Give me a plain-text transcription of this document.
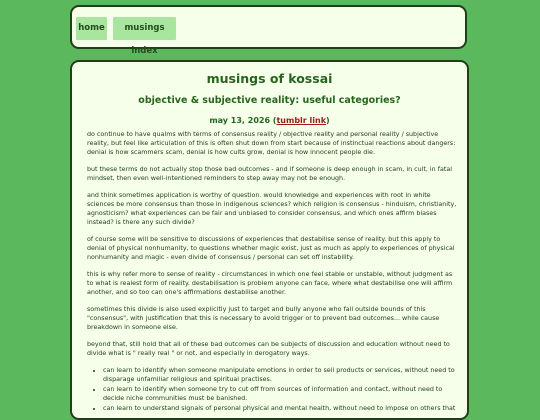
home	musings index
musings of kossai
objective & subjective reality: useful categories?
may 13, 2026 (tumblr link)

do continue to have qualms with terms of consensus reality / objective reality and personal reality / subjective reality, but feel like articulation of this is often shut down from start because of instinctual reactions about dangers: denial is how scammers scam, denial is how cults grow, denial is how innocent people die.

but these terms do not actually stop those bad outcomes - and if someone is deep enough in scam, in cult, in fatal mindset, then even well-intentioned reminders to step away may not be enough.

and think sometimes application is worthy of question. would knowledge and experiences with root in white sciences be more consensus than those in indigenous sciences? which religion is consensus - hinduism, christianity, agnosticism? what experiences can be fair and unbiased to consider consensus, and which ones affirm biases instead? is there any such divide?

of course some will be sensitive to discussions of experiences that destabilise sense of reality. but this apply to denial of physical nonhumanity, to questions whether magic exist, just as much as apply to experiences of physical nonhumanity and magic - even divide of consensus / personal can set off instability.

this is why refer more to sense of reality - circumstances in which one feel stable or unstable, without judgment as to what is realest form of reality. destabilisation is problem anyone can face, where what destabilise one will affirm another, and so too can one's affirmations destabilise another.

sometimes this divide is also used explicitly just to target and bully anyone who fall outside bounds of this "consensus", with justification that this is necessary to avoid trigger or to prevent bad outcomes... while cause breakdown in someone else.

beyond that, still hold that all of these bad outcomes can be subjects of discussion and education without need to divide what is " really real " or not, and especially in derogatory ways.

• can learn to identify when someone manipulate emotions in order to sell products or services, without need to disparage unfamiliar religious and spiritual practises.
• can learn to identify when someone try to cut off from sources of information and contact, without need to decide niche communities must be banished.
• can learn to understand signals of personal physical and mental health, without need to impose on others that
